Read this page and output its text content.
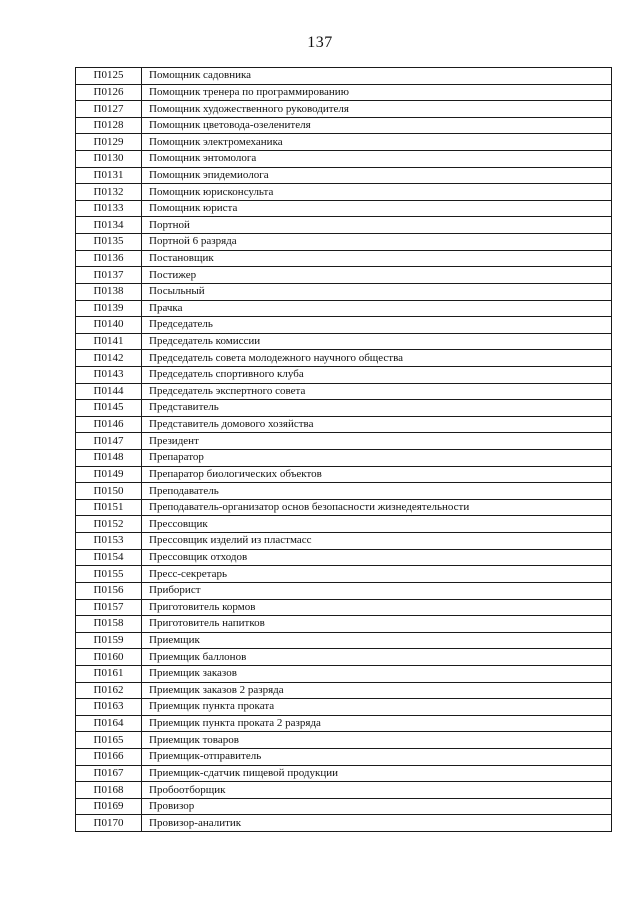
137
П0125	Помощник садовника
П0126	Помощник тренера по программированию
П0127	Помощник художественного руководителя
П0128	Помощник цветовода-озеленителя
П0129	Помощник электромеханика
П0130	Помощник энтомолога
П0131	Помощник эпидемиолога
П0132	Помощник юрисконсульта
П0133	Помощник юриста
П0134	Портной
П0135	Портной 6 разряда
П0136	Постановщик
П0137	Постижер
П0138	Посыльный
П0139	Прачка
П0140	Председатель
П0141	Председатель комиссии
П0142	Председатель совета молодежного научного общества
П0143	Председатель спортивного клуба
П0144	Председатель экспертного совета
П0145	Представитель
П0146	Представитель домового хозяйства
П0147	Президент
П0148	Препаратор
П0149	Препаратор биологических объектов
П0150	Преподаватель
П0151	Преподаватель-организатор основ безопасности жизнедеятельности
П0152	Прессовщик
П0153	Прессовщик изделий из пластмасс
П0154	Прессовщик отходов
П0155	Пресс-секретарь
П0156	Приборист
П0157	Приготовитель кормов
П0158	Приготовитель напитков
П0159	Приемщик
П0160	Приемщик баллонов
П0161	Приемщик заказов
П0162	Приемщик заказов 2 разряда
П0163	Приемщик пункта проката
П0164	Приемщик пункта проката 2 разряда
П0165	Приемщик товаров
П0166	Приемщик-отправитель
П0167	Приемщик-сдатчик пищевой продукции
П0168	Пробоотборщик
П0169	Провизор
П0170	Провизор-аналитик
